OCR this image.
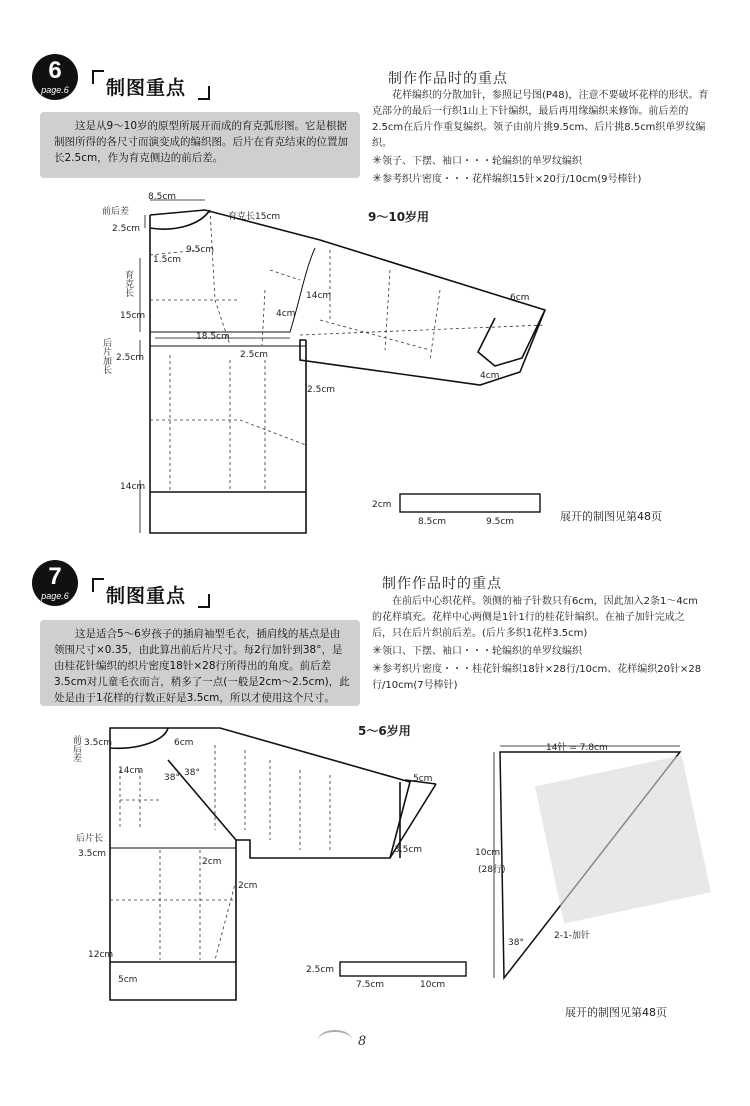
6
page.6	制图重点

这是从9～10岁的原型所展开而成的育克弧形图。它是根据制图所得的各尺寸而演变成的编织图。后片在育克结束的位置加长2.5cm，作为育克侧边的前后差。

制作作品时的重点

花样编织的分散加针，参照记号图(P48)，注意不要破坏花样的形状。育克部分的最后一行织1山上下针编织，最后再用缘编织来修饰。前后差的2.5cm在后片作重复编织。领子由前片挑9.5cm、后片挑8.5cm织单罗纹编织。

✳领子、下摆、袖口・・・轮编织的单罗纹编织

✳参考织片密度・・・花样编织15针×20行/10cm(9号棒针)

9～10岁用
展开的制图见第48页
前后差
8.5cm
育克长15cm
2.5cm
9.5cm
1.5cm
育克长
15cm
18.5cm
后片加长 2.5cm
14cm
4cm
2.5cm
2.5cm
6cm
4cm
14cm
2cm
8.5cm	9.5cm
7
page.6	制图重点

这是适合5～6岁孩子的插肩袖型毛衣，插肩线的基点是由领围尺寸×0.35，由此算出前后片尺寸。每2行加针到38°，是由桂花针编织的织片密度18针×28行所得出的角度。前后差3.5cm对儿童毛衣而言，稍多了一点(一般是2cm～2.5cm)，此处是由于1花样的行数正好是3.5cm，所以才使用这个尺寸。

制作作品时的重点

在前后中心织花样。领侧的袖子针数只有6cm，因此加入2条1～4cm的花样填充。花样中心两侧是1针1行的桂花针编织。在袖子加针完成之后，只在后片织前后差。(后片多织1花样3.5cm)

✳领口、下摆、袖口・・・轮编织的单罗纹编织

✳参考织片密度・・・桂花针编织18针×28行/10cm、花样编织20针×28行/10cm(7号棒针)

5～6岁用
展开的制图见第48页
前后差 3.5cm	6cm
14cm
38° 38°
5cm
后片长
3.5cm
2cm
3.5cm
2cm
12cm
5cm
2.5cm
7.5cm	10cm
14针 = 7.8cm
10cm
(28行)
38°
2-1-加针
8
